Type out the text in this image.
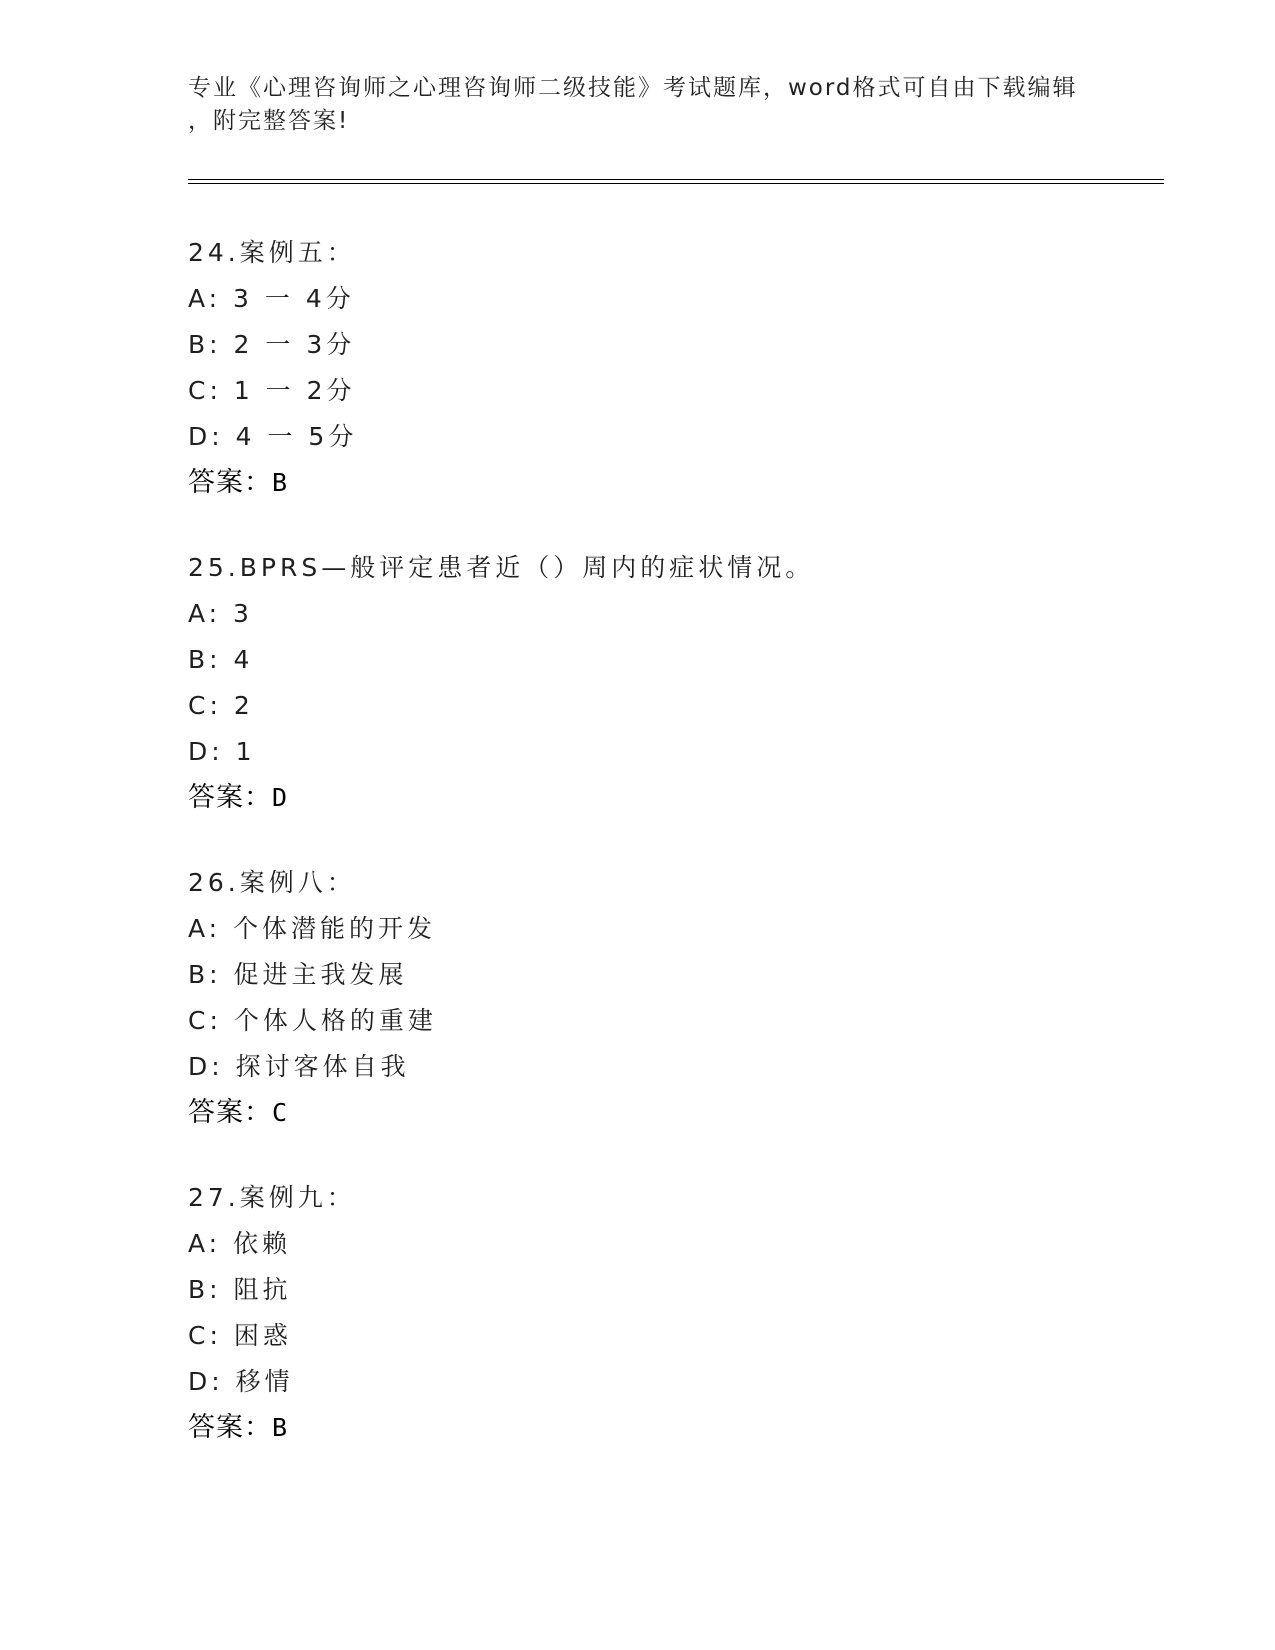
专业《心理咨询师之心理咨询师二级技能》考试题库，word格式可自由下载编辑
，附完整答案!
24.案例五：
A: 3 一 4分
B: 2 一 3分
C: 1 一 2分
D: 4 一 5分
答案：B
25.BPRS—般评定患者近（）周内的症状情况。
A: 3
B: 4
C: 2
D: 1
答案：D
26.案例八：
A: 个体潜能的开发
B: 促进主我发展
C: 个体人格的重建
D: 探讨客体自我
答案：C
27.案例九：
A: 依赖
B: 阻抗
C: 困惑
D: 移情
答案：B
